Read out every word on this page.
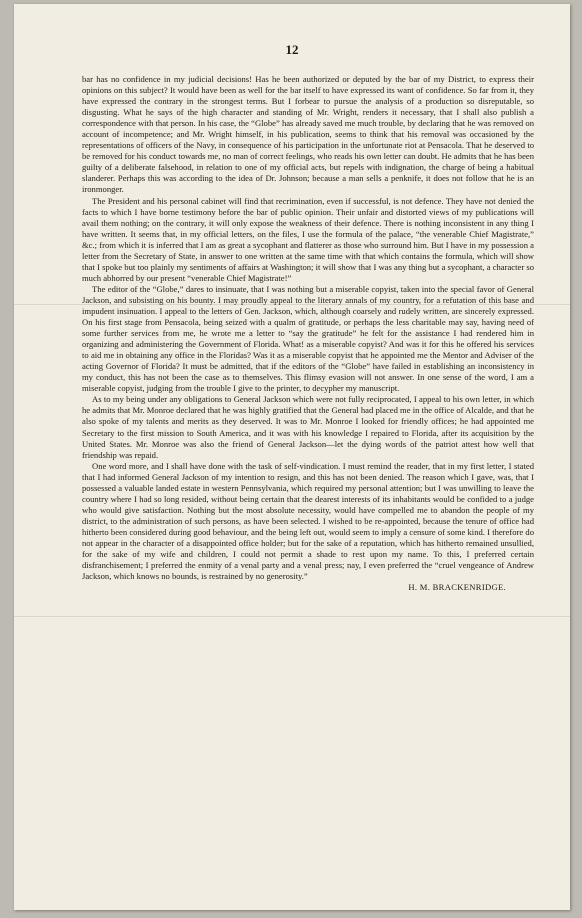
12

bar has no confidence in my judicial decisions! Has he been authorized or deputed by the bar of my District, to express their opinions on this subject? It would have been as well for the bar itself to have expressed its want of confidence. So far from it, they have expressed the contrary in the strongest terms. But I forbear to pursue the analysis of a production so disreputable, so disgusting. What he says of the high character and standing of Mr. Wright, renders it necessary, that I shall also publish a correspondence with that person. In his case, the “Globe” has already saved me much trouble, by declaring that he was removed on account of incompetence; and Mr. Wright himself, in his publication, seems to think that his removal was occasioned by the representations of officers of the Navy, in consequence of his participation in the unfortunate riot at Pensacola. That he deserved to be removed for his conduct towards me, no man of correct feelings, who reads his own letter can doubt. He admits that he has been guilty of a deliberate falsehood, in relation to one of my official acts, but repels with indignation, the charge of being a habitual slanderer. Perhaps this was according to the idea of Dr. Johnson; because a man sells a penknife, it does not follow that he is an ironmonger.

The President and his personal cabinet will find that recrimination, even if successful, is not defence. They have not denied the facts to which I have borne testimony before the bar of public opinion. Their unfair and distorted views of my publications will avail them nothing; on the contrary, it will only expose the weakness of their defence. There is nothing inconsistent in any thing I have written. It seems that, in my official letters, on the files, I use the formula of the palace, “the venerable Chief Magistrate,” &c.; from which it is inferred that I am as great a sycophant and flatterer as those who surround him. But I have in my possession a letter from the Secretary of State, in answer to one written at the same time with that which contains the formula, which will show that I spoke but too plainly my sentiments of affairs at Washington; it will show that I was any thing but a sycophant, a character so much abhorred by our present “venerable Chief Magistrate!”

The editor of the “Globe,” dares to insinuate, that I was nothing but a miserable copyist, taken into the special favor of General Jackson, and subsisting on his bounty. I may proudly appeal to the literary annals of my country, for a refutation of this base and impudent insinuation. I appeal to the letters of Gen. Jackson, which, although coarsely and rudely written, are sincerely expressed. On his first stage from Pensacola, being seized with a qualm of gratitude, or perhaps the less charitable may say, having need of some further services from me, he wrote me a letter to “say the gratitude” he felt for the assistance I had rendered him in organizing and administering the Government of Florida. What! as a miserable copyist? And was it for this he offered his services to aid me in obtaining any office in the Floridas? Was it as a miserable copyist that he appointed me the Mentor and Adviser of the acting Governor of Florida? It must be admitted, that if the editors of the “Globe” have failed in establishing an inconsistency in my conduct, this has not been the case as to themselves. This flimsy evasion will not answer. In one sense of the word, I am a miserable copyist, judging from the trouble I give to the printer, to decypher my manuscript.

As to my being under any obligations to General Jackson which were not fully reciprocated, I appeal to his own letter, in which he admits that Mr. Monroe declared that he was highly gratified that the General had placed me in the office of Alcalde, and that he also spoke of my talents and merits as they deserved. It was to Mr. Monroe I looked for friendly offices; he had appointed me Secretary to the first mission to South America, and it was with his knowledge I repaired to Florida, after its acquisition by the United States. Mr. Monroe was also the friend of General Jackson—let the dying words of the patriot attest how well that friendship was repaid.

One word more, and I shall have done with the task of self-vindication. I must remind the reader, that in my first letter, I stated that I had informed General Jackson of my intention to resign, and this has not been denied. The reason which I gave, was, that I possessed a valuable landed estate in western Pennsylvania, which required my personal attention; but I was unwilling to leave the country where I had so long resided, without being certain that the dearest interests of its inhabitants would be confided to a judge who would give satisfaction. Nothing but the most absolute necessity, would have compelled me to abandon the people of my district, to the administration of such persons, as have been selected. I wished to be re-appointed, because the tenure of office had hitherto been considered during good behaviour, and the being left out, would seem to imply a censure of some kind. I therefore do not appear in the character of a disappointed office holder; but for the sake of a reputation, which has hitherto remained unsullied, for the sake of my wife and children, I could not permit a shade to rest upon my name. To this, I preferred certain disfranchisement; I preferred the enmity of a venal party and a venal press; nay, I even preferred the “cruel vengeance of Andrew Jackson, which knows no bounds, is restrained by no generosity.”

H. M. BRACKENRIDGE.
